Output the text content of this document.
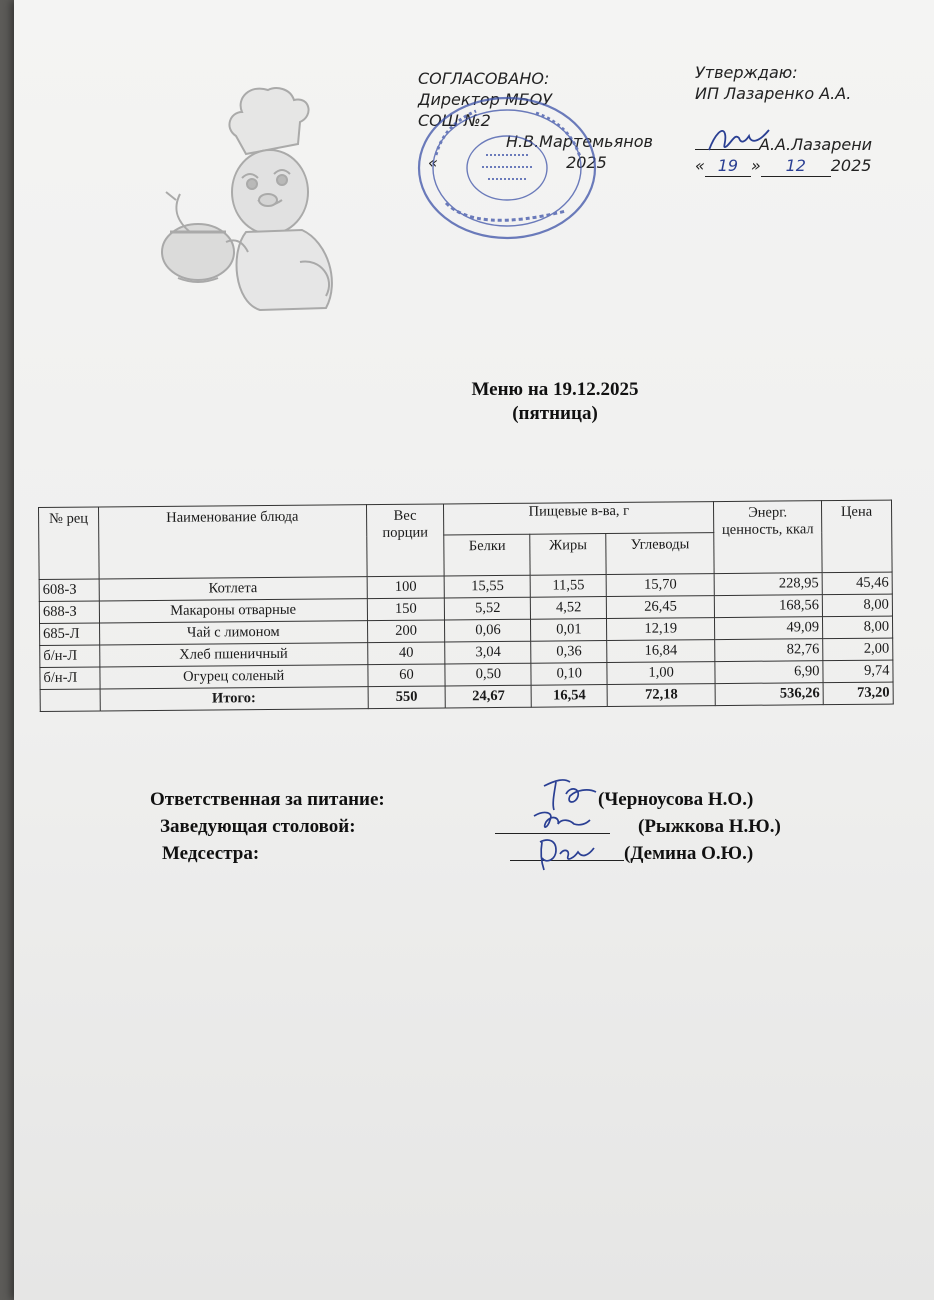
СОГЛАСОВАНО:
Директор МБОУ
СОШ №2
Н.В.Мартемьянов
«	2025
Утверждаю:
ИП Лазаренко А.А.
А.А.Лазарени
« 19 » 12 2025
Меню на 19.12.2025
(пятница)
№ рец	Наименование блюда	Вес порции	Пищевые в-ва, г			Энерг. ценность, ккал	Цена
			Белки	Жиры	Углеводы		
608-З	Котлета	100	15,55	11,55	15,70	228,95	45,46
688-З	Макароны отварные	150	5,52	4,52	26,45	168,56	8,00
685-Л	Чай с лимоном	200	0,06	0,01	12,19	49,09	8,00
б/н-Л	Хлеб пшеничный	40	3,04	0,36	16,84	82,76	2,00
б/н-Л	Огурец соленый	60	0,50	0,10	1,00	6,90	9,74
	Итого:	550	24,67	16,54	72,18	536,26	73,20
Ответственная за питание:	(Черноусова Н.О.)
Заведующая столовой:	(Рыжкова Н.Ю.)
Медсестра:	(Демина О.Ю.)
